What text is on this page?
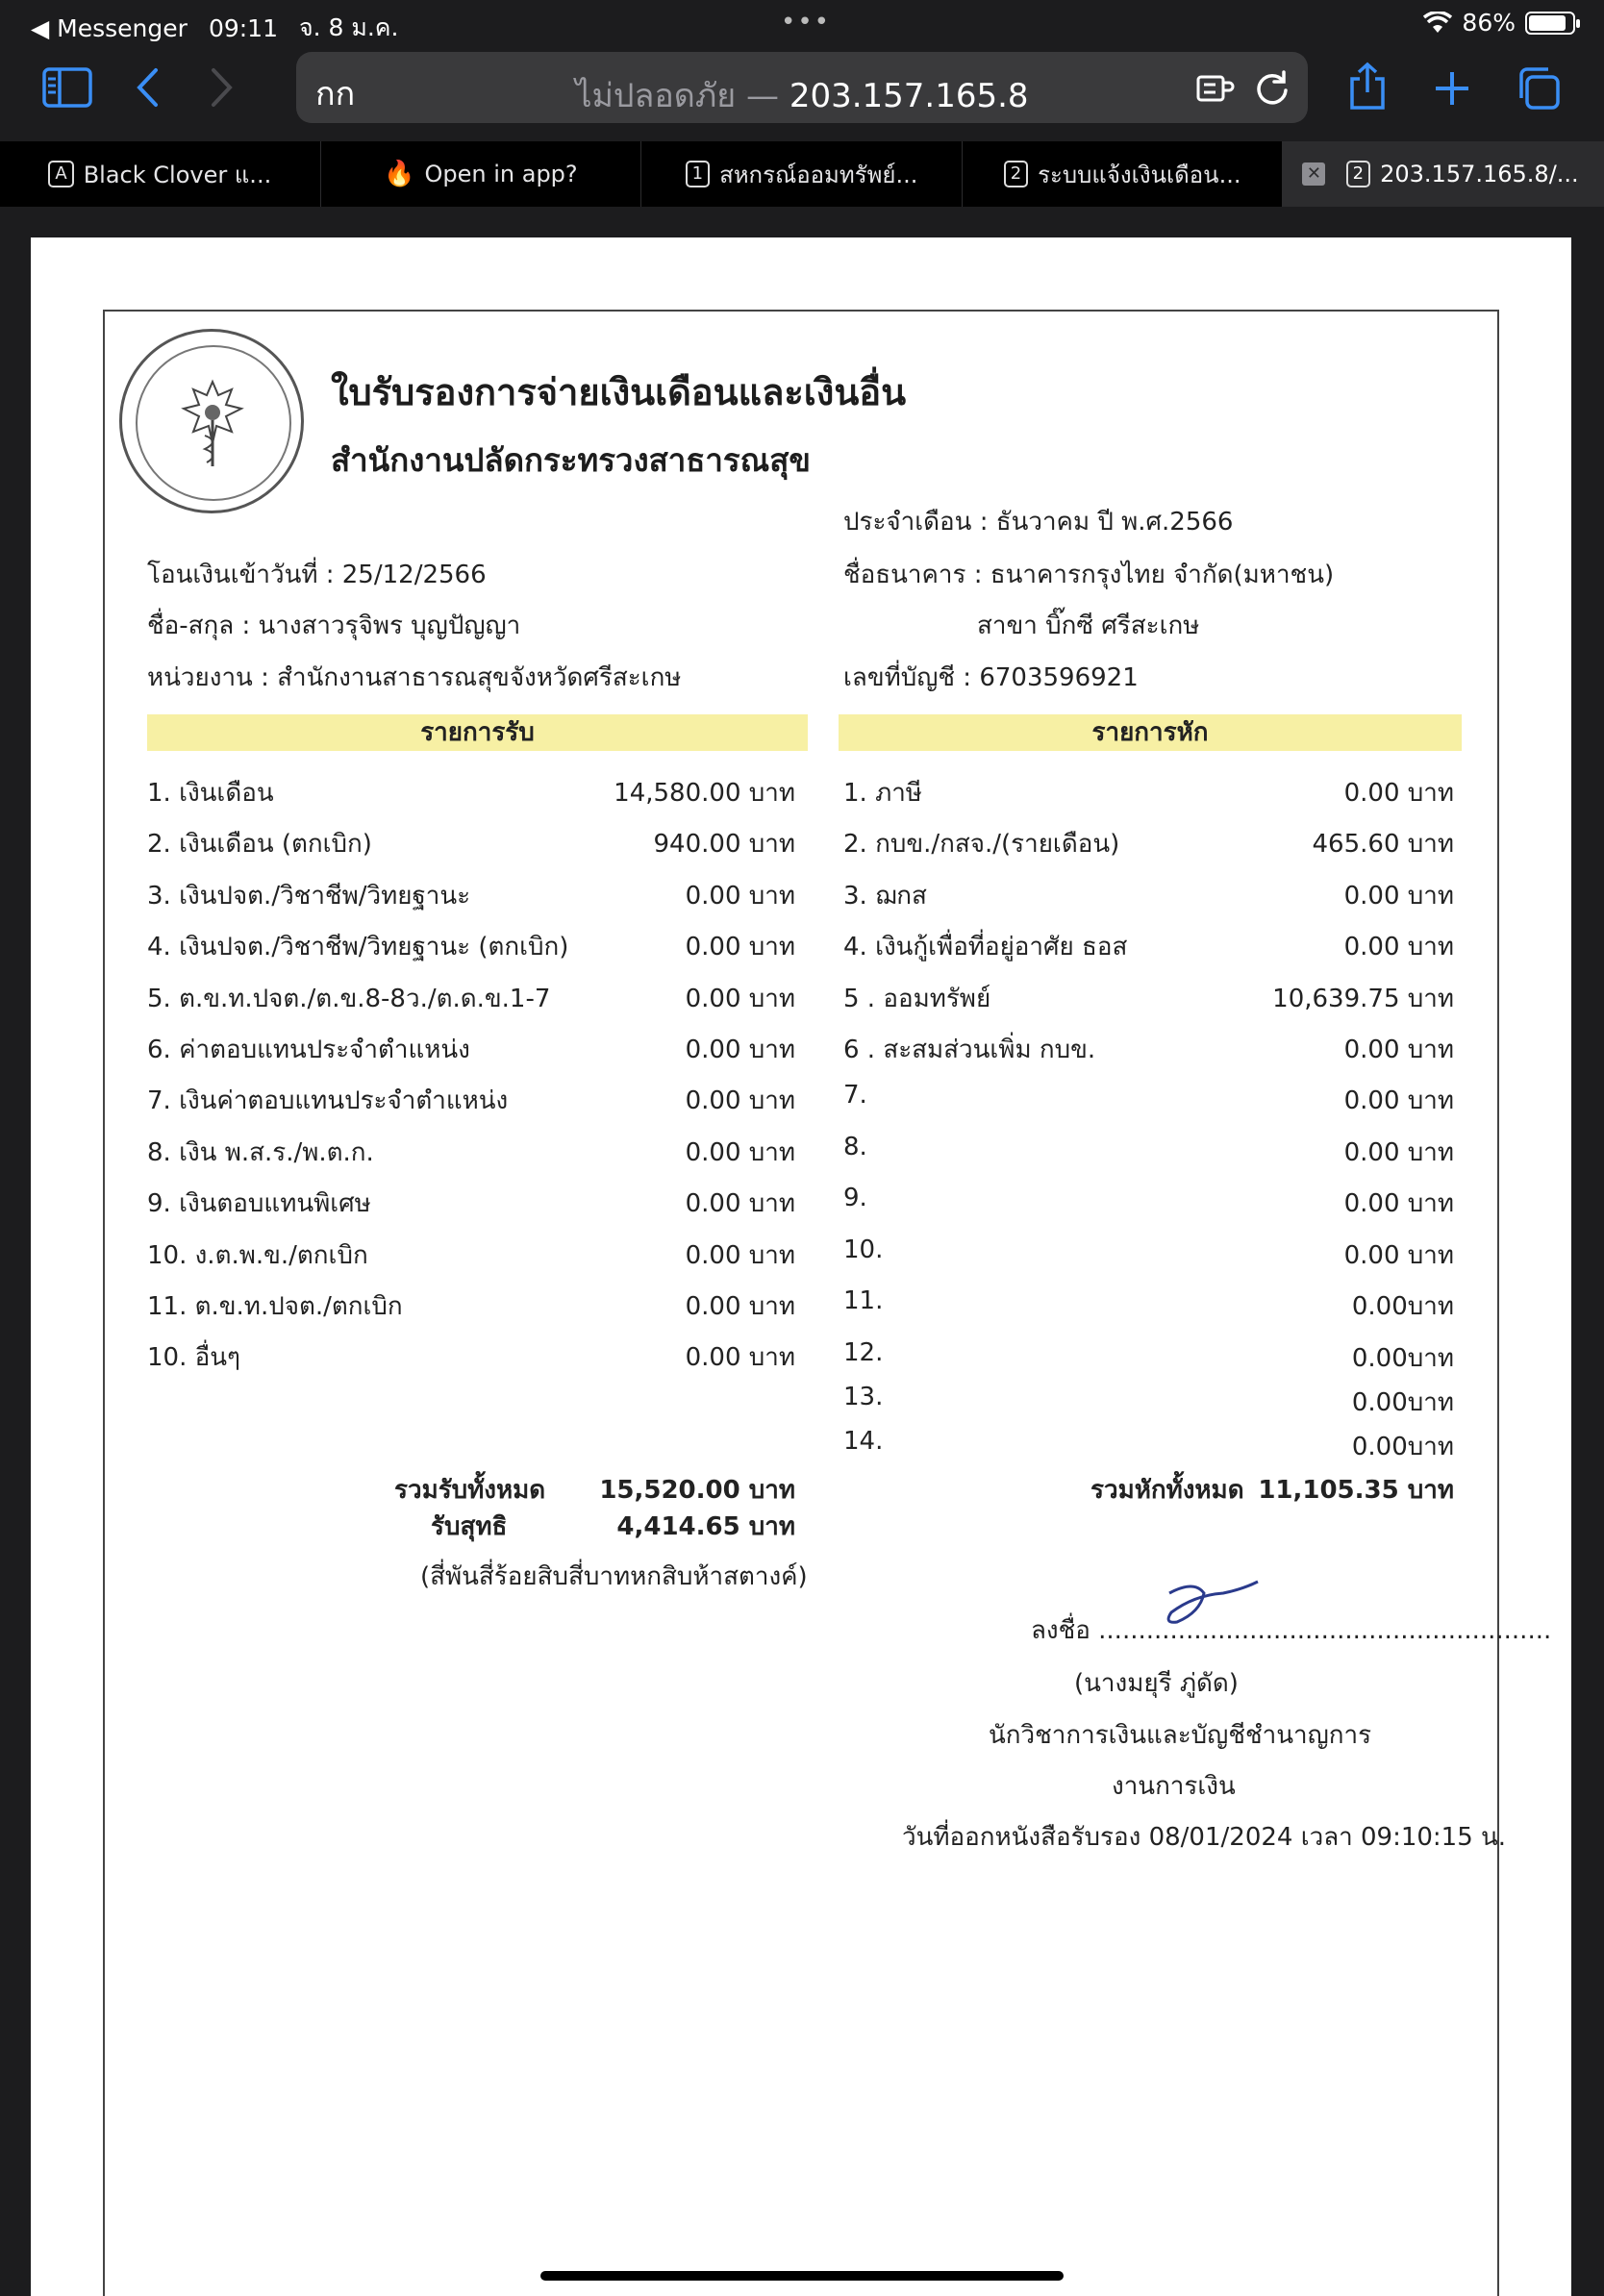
◀ Messenger 09:11 จ. 8 ม.ค.	•••	86%
กก	ไม่ปลอดภัย — 203.157.165.8
A Black Clover แ...	🔥 Open in app?	1 สหกรณ์ออมทรัพย์...	2 ระบบแจ้งเงินเดือน...	✕	2 203.157.165.8/...
ใบรับรองการจ่ายเงินเดือนและเงินอื่น
สำนักงานปลัดกระทรวงสาธารณสุข
ประจำเดือน : ธันวาคม ปี พ.ศ.2566
โอนเงินเข้าวันที่ : 25/12/2566	ชื่อธนาคาร : ธนาคารกรุงไทย จำกัด(มหาชน)
ชื่อ-สกุล : นางสาวรุจิพร บุญปัญญา	สาขา บิ๊กซี ศรีสะเกษ
หน่วยงาน : สำนักงานสาธารณสุขจังหวัดศรีสะเกษ	เลขที่บัญชี : 6703596921
รายการรับ	รายการหัก
รวมรับทั้งหมด	15,520.00 บาท
รับสุทธิ	4,414.65 บาท
(สี่พันสี่ร้อยสิบสี่บาทหกสิบห้าสตางค์)
รวมหักทั้งหมด 11,105.35 บาท
ลงชื่อ .........................................................
(นางมยุรี ภู่ดัด)
นักวิชาการเงินและบัญชีชำนาญการ
งานการเงิน
วันที่ออกหนังสือรับรอง 08/01/2024 เวลา 09:10:15 น.
1. เงินเดือน	14,580.00 บาท
2. เงินเดือน (ตกเบิก)	940.00 บาท
3. เงินปจต./วิชาชีพ/วิทยฐานะ	0.00 บาท
4. เงินปจต./วิชาชีพ/วิทยฐานะ (ตกเบิก)	0.00 บาท
5. ต.ข.ท.ปจต./ต.ข.8-8ว./ต.ด.ข.1-7	0.00 บาท
6. ค่าตอบแทนประจำตำแหน่ง	0.00 บาท
7. เงินค่าตอบแทนประจำตำแหน่ง	0.00 บาท
8. เงิน พ.ส.ร./พ.ต.ก.	0.00 บาท
9. เงินตอบแทนพิเศษ	0.00 บาท
10. ง.ต.พ.ข./ตกเบิก	0.00 บาท
11. ต.ข.ท.ปจต./ตกเบิก	0.00 บาท
10. อื่นๆ	0.00 บาท
1. ภาษี	0.00 บาท
2. กบข./กสจ./(รายเดือน)	465.60 บาท
3. ฌกส	0.00 บาท
4. เงินกู้เพื่อที่อยู่อาศัย ธอส	0.00 บาท
5 . ออมทรัพย์	10,639.75 บาท
6 . สะสมส่วนเพิ่ม กบข.	0.00 บาท
7.	0.00 บาท
8.	0.00 บาท
9.	0.00 บาท
10.	0.00 บาท
11.	0.00บาท
12.	0.00บาท
13.	0.00บาท
14.	0.00บาท
